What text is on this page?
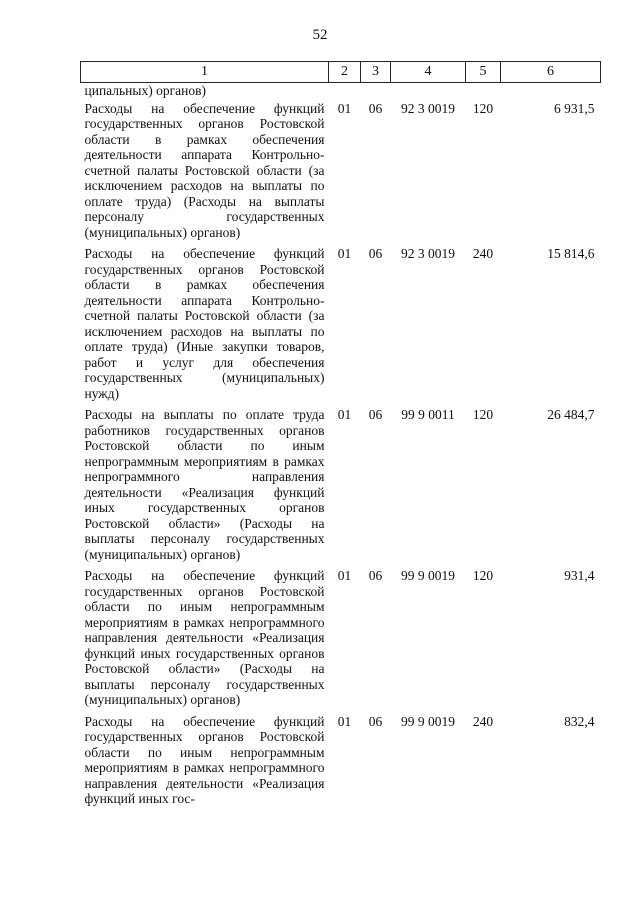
52
1	2	3	4	5	6
ципальных) органов)					
Расходы на обеспечение функций государственных органов Ростовской области в рамках обеспечения деятельности аппарата Контрольно-счетной палаты Ростовской области (за исключением расходов на выплаты по оплате труда) (Расходы на выплаты персоналу государственных (муниципальных) органов)	01	06	92 3 0019	120	6 931,5
Расходы на обеспечение функций государственных органов Ростовской области в рамках обеспечения деятельности аппарата Контрольно-счетной палаты Ростовской области (за исключением расходов на выплаты по оплате труда) (Иные закупки товаров, работ и услуг для обеспечения государственных (муниципальных) нужд)	01	06	92 3 0019	240	15 814,6
Расходы на выплаты по оплате труда работников государственных органов Ростовской области по иным непрограммным мероприятиям в рамках непрограммного направления деятельности «Реализация функций иных государственных органов Ростовской области» (Расходы на выплаты персоналу государственных (муниципальных) органов)	01	06	99 9 0011	120	26 484,7
Расходы на обеспечение функций государственных органов Ростовской области по иным непрограммным мероприятиям в рамках непрограммного направления деятельности «Реализация функций иных государственных органов Ростовской области» (Расходы на выплаты персоналу государственных (муниципальных) органов)	01	06	99 9 0019	120	931,4
Расходы на обеспечение функций государственных органов Ростовской области по иным непрограммным мероприятиям в рамках непрограммного направления деятельности «Реализация функций иных гос-	01	06	99 9 0019	240	832,4
